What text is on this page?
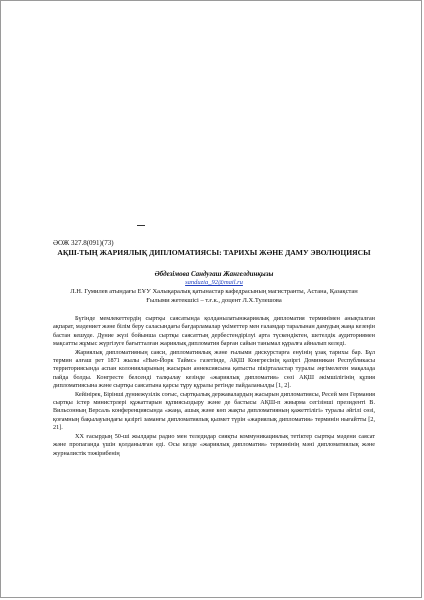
ӘОЖ 327.8(091)(73)
АҚШ-ТЫҢ ЖАРИЯЛЫҚ ДИПЛОМАТИЯСЫ: ТАРИХЫ ЖӘНЕ ДАМУ ЭВОЛЮЦИЯСЫ
Әбдезімова Сандуғаш Жангелдинқызы
sanduzia_92@mail.ru
Л.Н. Гумилев атындағы ЕҰУ Халықаралық қатынастар кафедрасының магистранты, Астана, Қазақстан
Ғылыми жетекшісі – т.ғ.к., доцент Л.Х.Тулешова

Бүгінде мемлекеттердің сыртқы саясатында қолданылатынжариялық дипломатия терминімен анықталған ақпарат, мәдениет және білім беру саласындағы бағдарламалар үкіметтер мен ғаламдар таралынан дамудың жаңа кезеңін бастан кешуде. Дүние жүзі бойынша сыртқы саясаттың дербестендірілуі арта түскендіктен, шетелдік аудиториямен мақсатты жұмыс жүргізуге бағытталған жариялық дипломатия барған сайын танымал құралға айналып келеді.

Жариялық дипломатияның саяси, дипломатиялық және ғылыми дискурстарға енуінің ұзақ тарихы бар. Бұл термин алғаш рет 1871 жылы «Нью-Йорк Таймс» газетінде, АҚШ Конгресінің қазіргі Доминикан Республикасы территориясында аспан колонияларының жасырын аннексиясына қатысты пікірталастар туралы әңгімелеген мақалада пайда болды. Конгресте белсенді талқылау кезінде «жариялық дипломатия» сөзі АҚШ әкімшілігінің құпия дипломатиясына және сыртқы саясатына қарсы тұру құралы ретінде пайдаланылды [1, 2].

Кейінірек, Бірінші дүниежүзілік соғыс, сыртқылық державалардың жасырын дипломатиясы, Ресей мен Германия сыртқы істер министрлері құжаттарын құпиясыздыру және де бастысы АҚШ-п жиырма сегізінші президенті В. Вильсонның Версаль конференциясында «жаңа, ашық және көп жақты дипломатияның қажеттілігі» туралы әйгілі сөзі, қоғамның бақылауындағы қазіргі заманғы дипломатиялық қызмет түрін «жариялық дипломатия» терминін нығайтты [2, 21].

XX ғасырдың 50-ші жылдары радио мен теледидар сияқты коммуникациялық тетіктер сыртқы мәдени саясат және пропаганда үшін қолданылған еді. Осы кезде «жариялық дипломатия» терминінің мәні дипломатиялық және журналистік тәжірибенің
